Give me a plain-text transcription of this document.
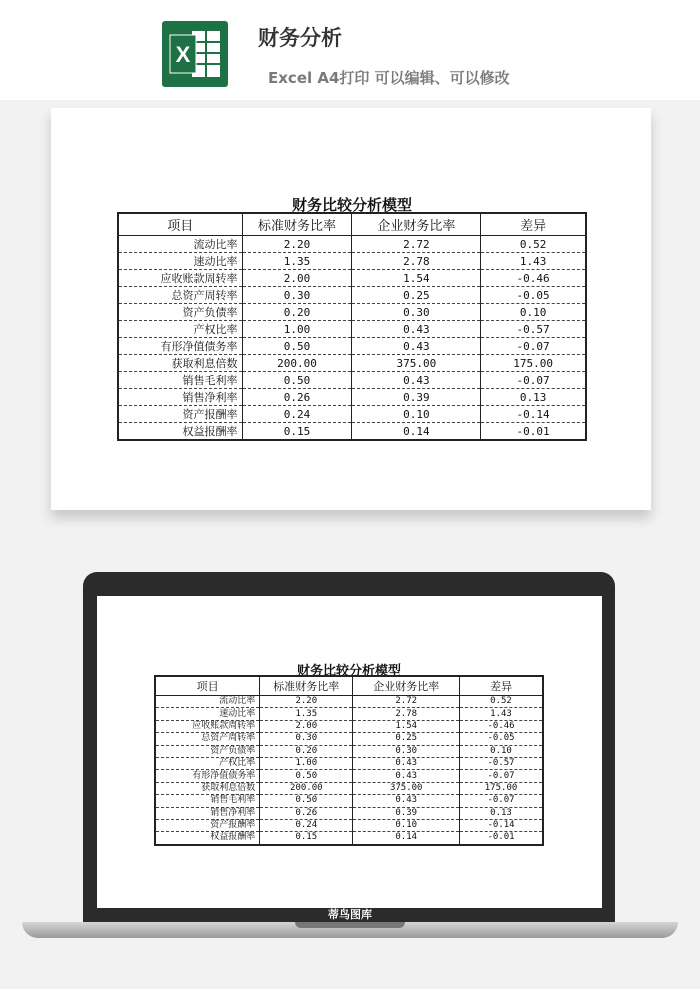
X
财务分析
Excel A4打印 可以编辑、可以修改
财务比较分析模型
项目	标准财务比率	企业财务比率	差异
流动比率	2.20	2.72	0.52
速动比率	1.35	2.78	1.43
应收账款周转率	2.00	1.54	-0.46
总资产周转率	0.30	0.25	-0.05
资产负债率	0.20	0.30	0.10
产权比率	1.00	0.43	-0.57
有形净值债务率	0.50	0.43	-0.07
获取利息倍数	200.00	375.00	175.00
销售毛利率	0.50	0.43	-0.07
销售净利率	0.26	0.39	0.13
资产报酬率	0.24	0.10	-0.14
权益报酬率	0.15	0.14	-0.01
财务比较分析模型
项目	标准财务比率	企业财务比率	差异
流动比率	2.20	2.72	0.52
速动比率	1.35	2.78	1.43
应收账款周转率	2.00	1.54	-0.46
总资产周转率	0.30	0.25	-0.05
资产负债率	0.20	0.30	0.10
产权比率	1.00	0.43	-0.57
有形净值债务率	0.50	0.43	-0.07
获取利息倍数	200.00	375.00	175.00
销售毛利率	0.50	0.43	-0.07
销售净利率	0.26	0.39	0.13
资产报酬率	0.24	0.10	-0.14
权益报酬率	0.15	0.14	-0.01
蒂鸟图库
